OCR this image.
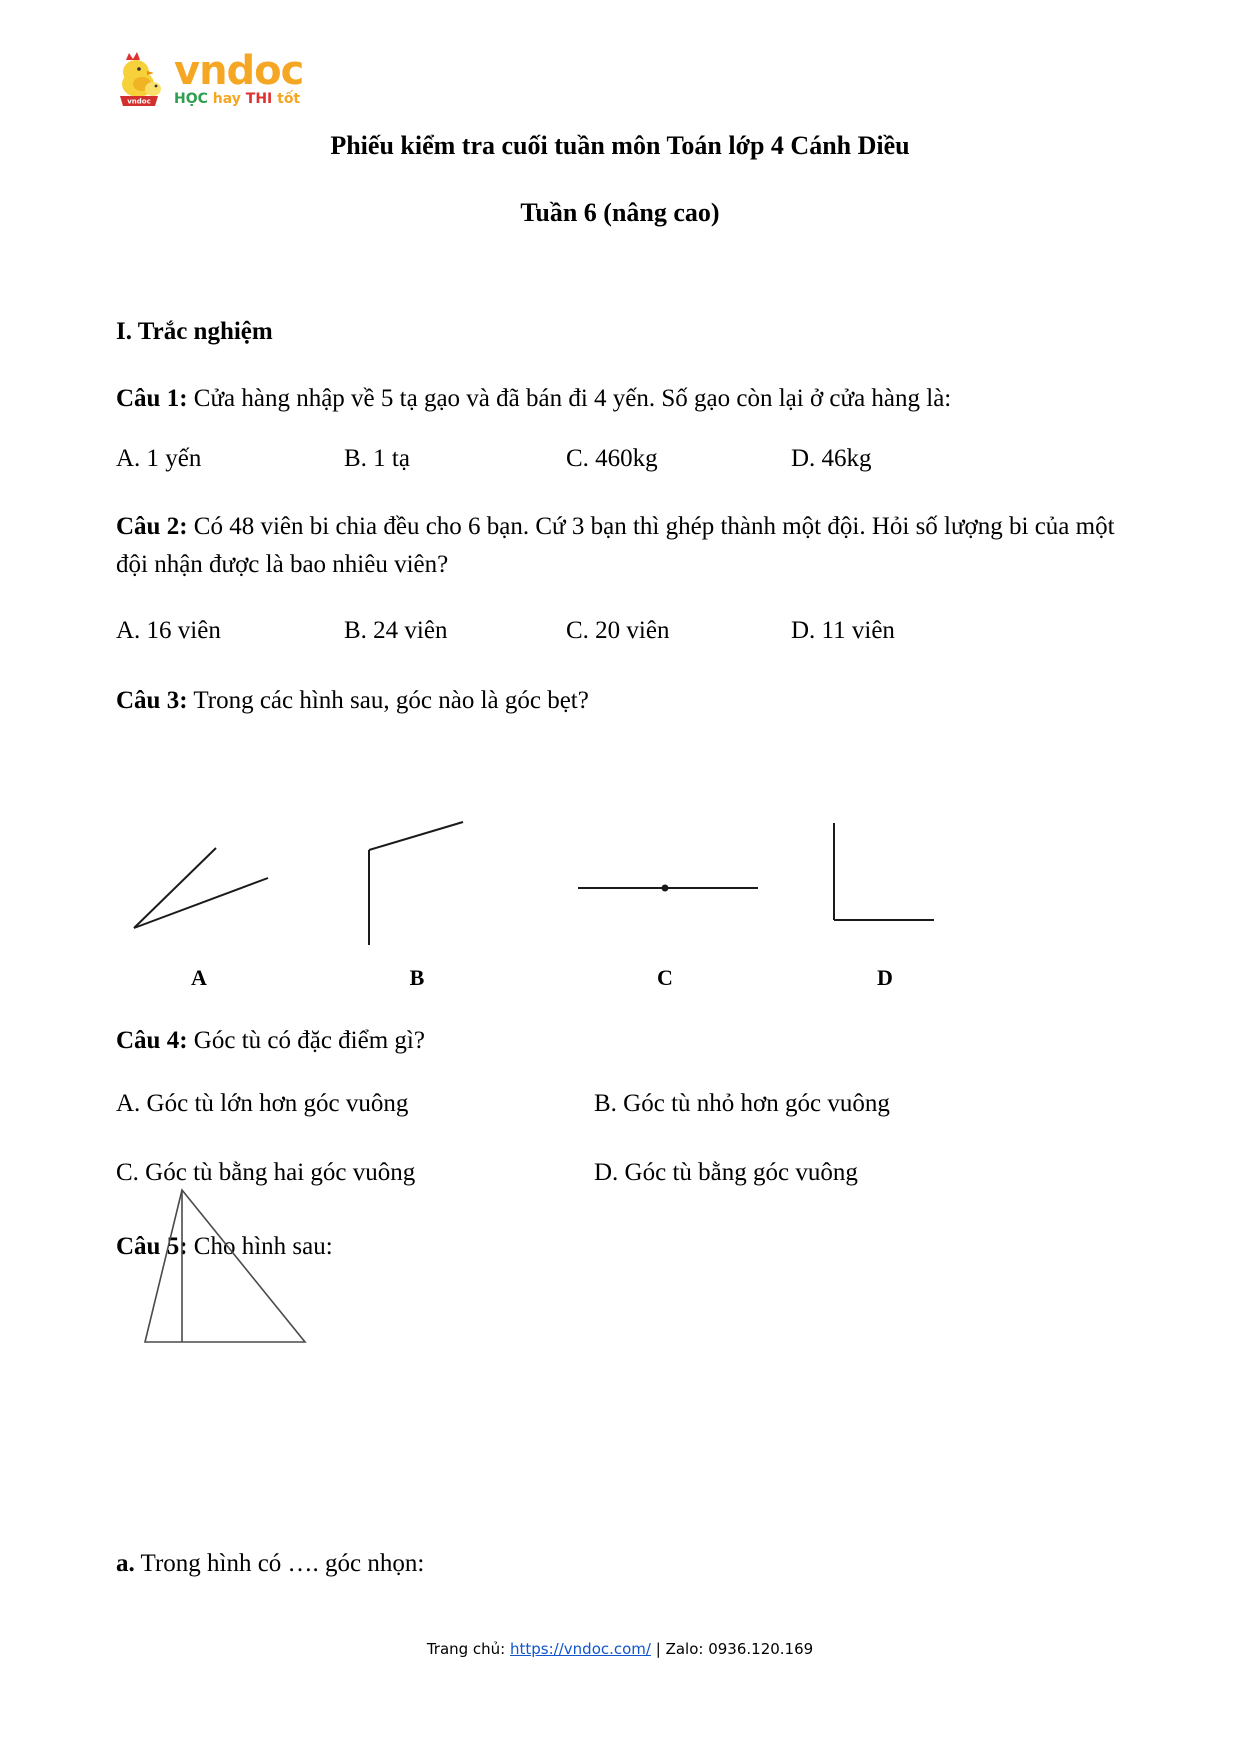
vndoc
vndoc
HỌC hay THI tốt
Phiếu kiểm tra cuối tuần môn Toán lớp 4 Cánh Diều
Tuần 6 (nâng cao)
I. Trắc nghiệm
Câu 1: Cửa hàng nhập về 5 tạ gạo và đã bán đi 4 yến. Số gạo còn lại ở cửa hàng là:
A. 1 yến	B. 1 tạ	C. 460kg	D. 46kg
Câu 2: Có 48 viên bi chia đều cho 6 bạn. Cứ 3 bạn thì ghép thành một đội. Hỏi số lượng bi của một đội nhận được là bao nhiêu viên?
A. 16 viên	B. 24 viên	C. 20 viên	D. 11 viên
Câu 3: Trong các hình sau, góc nào là góc bẹt?
A	B	C	D
Câu 4: Góc tù có đặc điểm gì?
A. Góc tù lớn hơn góc vuông	B. Góc tù nhỏ hơn góc vuông
C. Góc tù bằng hai góc vuông	D. Góc tù bằng góc vuông
Câu 5: Cho hình sau:
a. Trong hình có …. góc nhọn:
Trang chủ: https://vndoc.com/ | Zalo: 0936.120.169
